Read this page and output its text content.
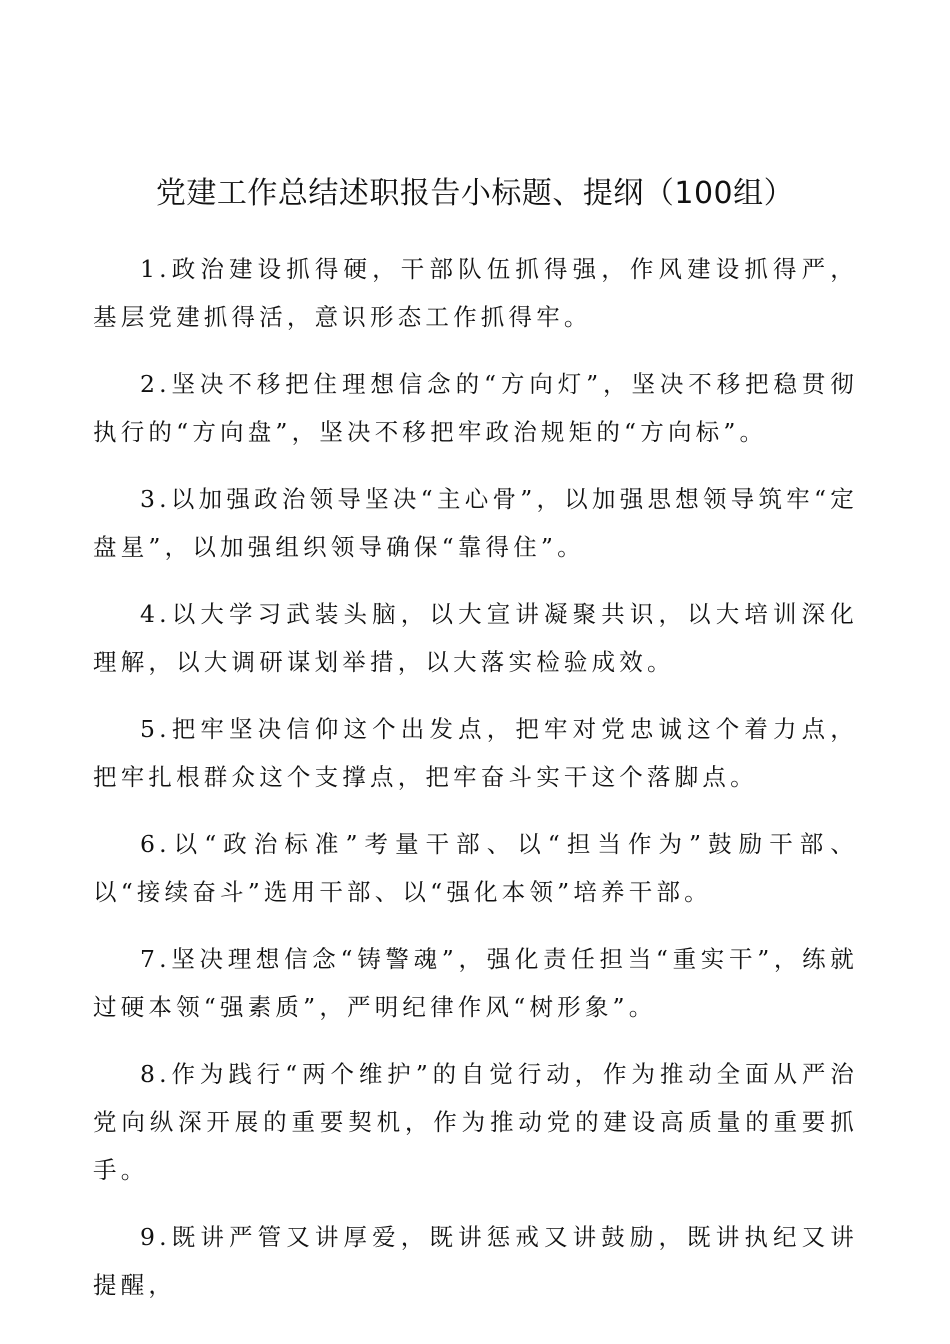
党建工作总结述职报告小标题、提纲（100组）

1.政治建设抓得硬，干部队伍抓得强，作风建设抓得严，基层党建抓得活，意识形态工作抓得牢。

2.坚决不移把住理想信念的“方向灯”，坚决不移把稳贯彻执行的“方向盘”，坚决不移把牢政治规矩的“方向标”。

3.以加强政治领导坚决“主心骨”，以加强思想领导筑牢“定盘星”，以加强组织领导确保“靠得住”。

4.以大学习武装头脑，以大宣讲凝聚共识，以大培训深化理解，以大调研谋划举措，以大落实检验成效。

5.把牢坚决信仰这个出发点，把牢对党忠诚这个着力点，把牢扎根群众这个支撑点，把牢奋斗实干这个落脚点。

6.以“政治标准”考量干部、以“担当作为”鼓励干部、以“接续奋斗”选用干部、以“强化本领”培养干部。

7.坚决理想信念“铸警魂”，强化责任担当“重实干”，练就过硬本领“强素质”，严明纪律作风“树形象”。

8.作为践行“两个维护”的自觉行动，作为推动全面从严治党向纵深开展的重要契机，作为推动党的建设高质量的重要抓手。

9.既讲严管又讲厚爱，既讲惩戒又讲鼓励，既讲执纪又讲提醒，
